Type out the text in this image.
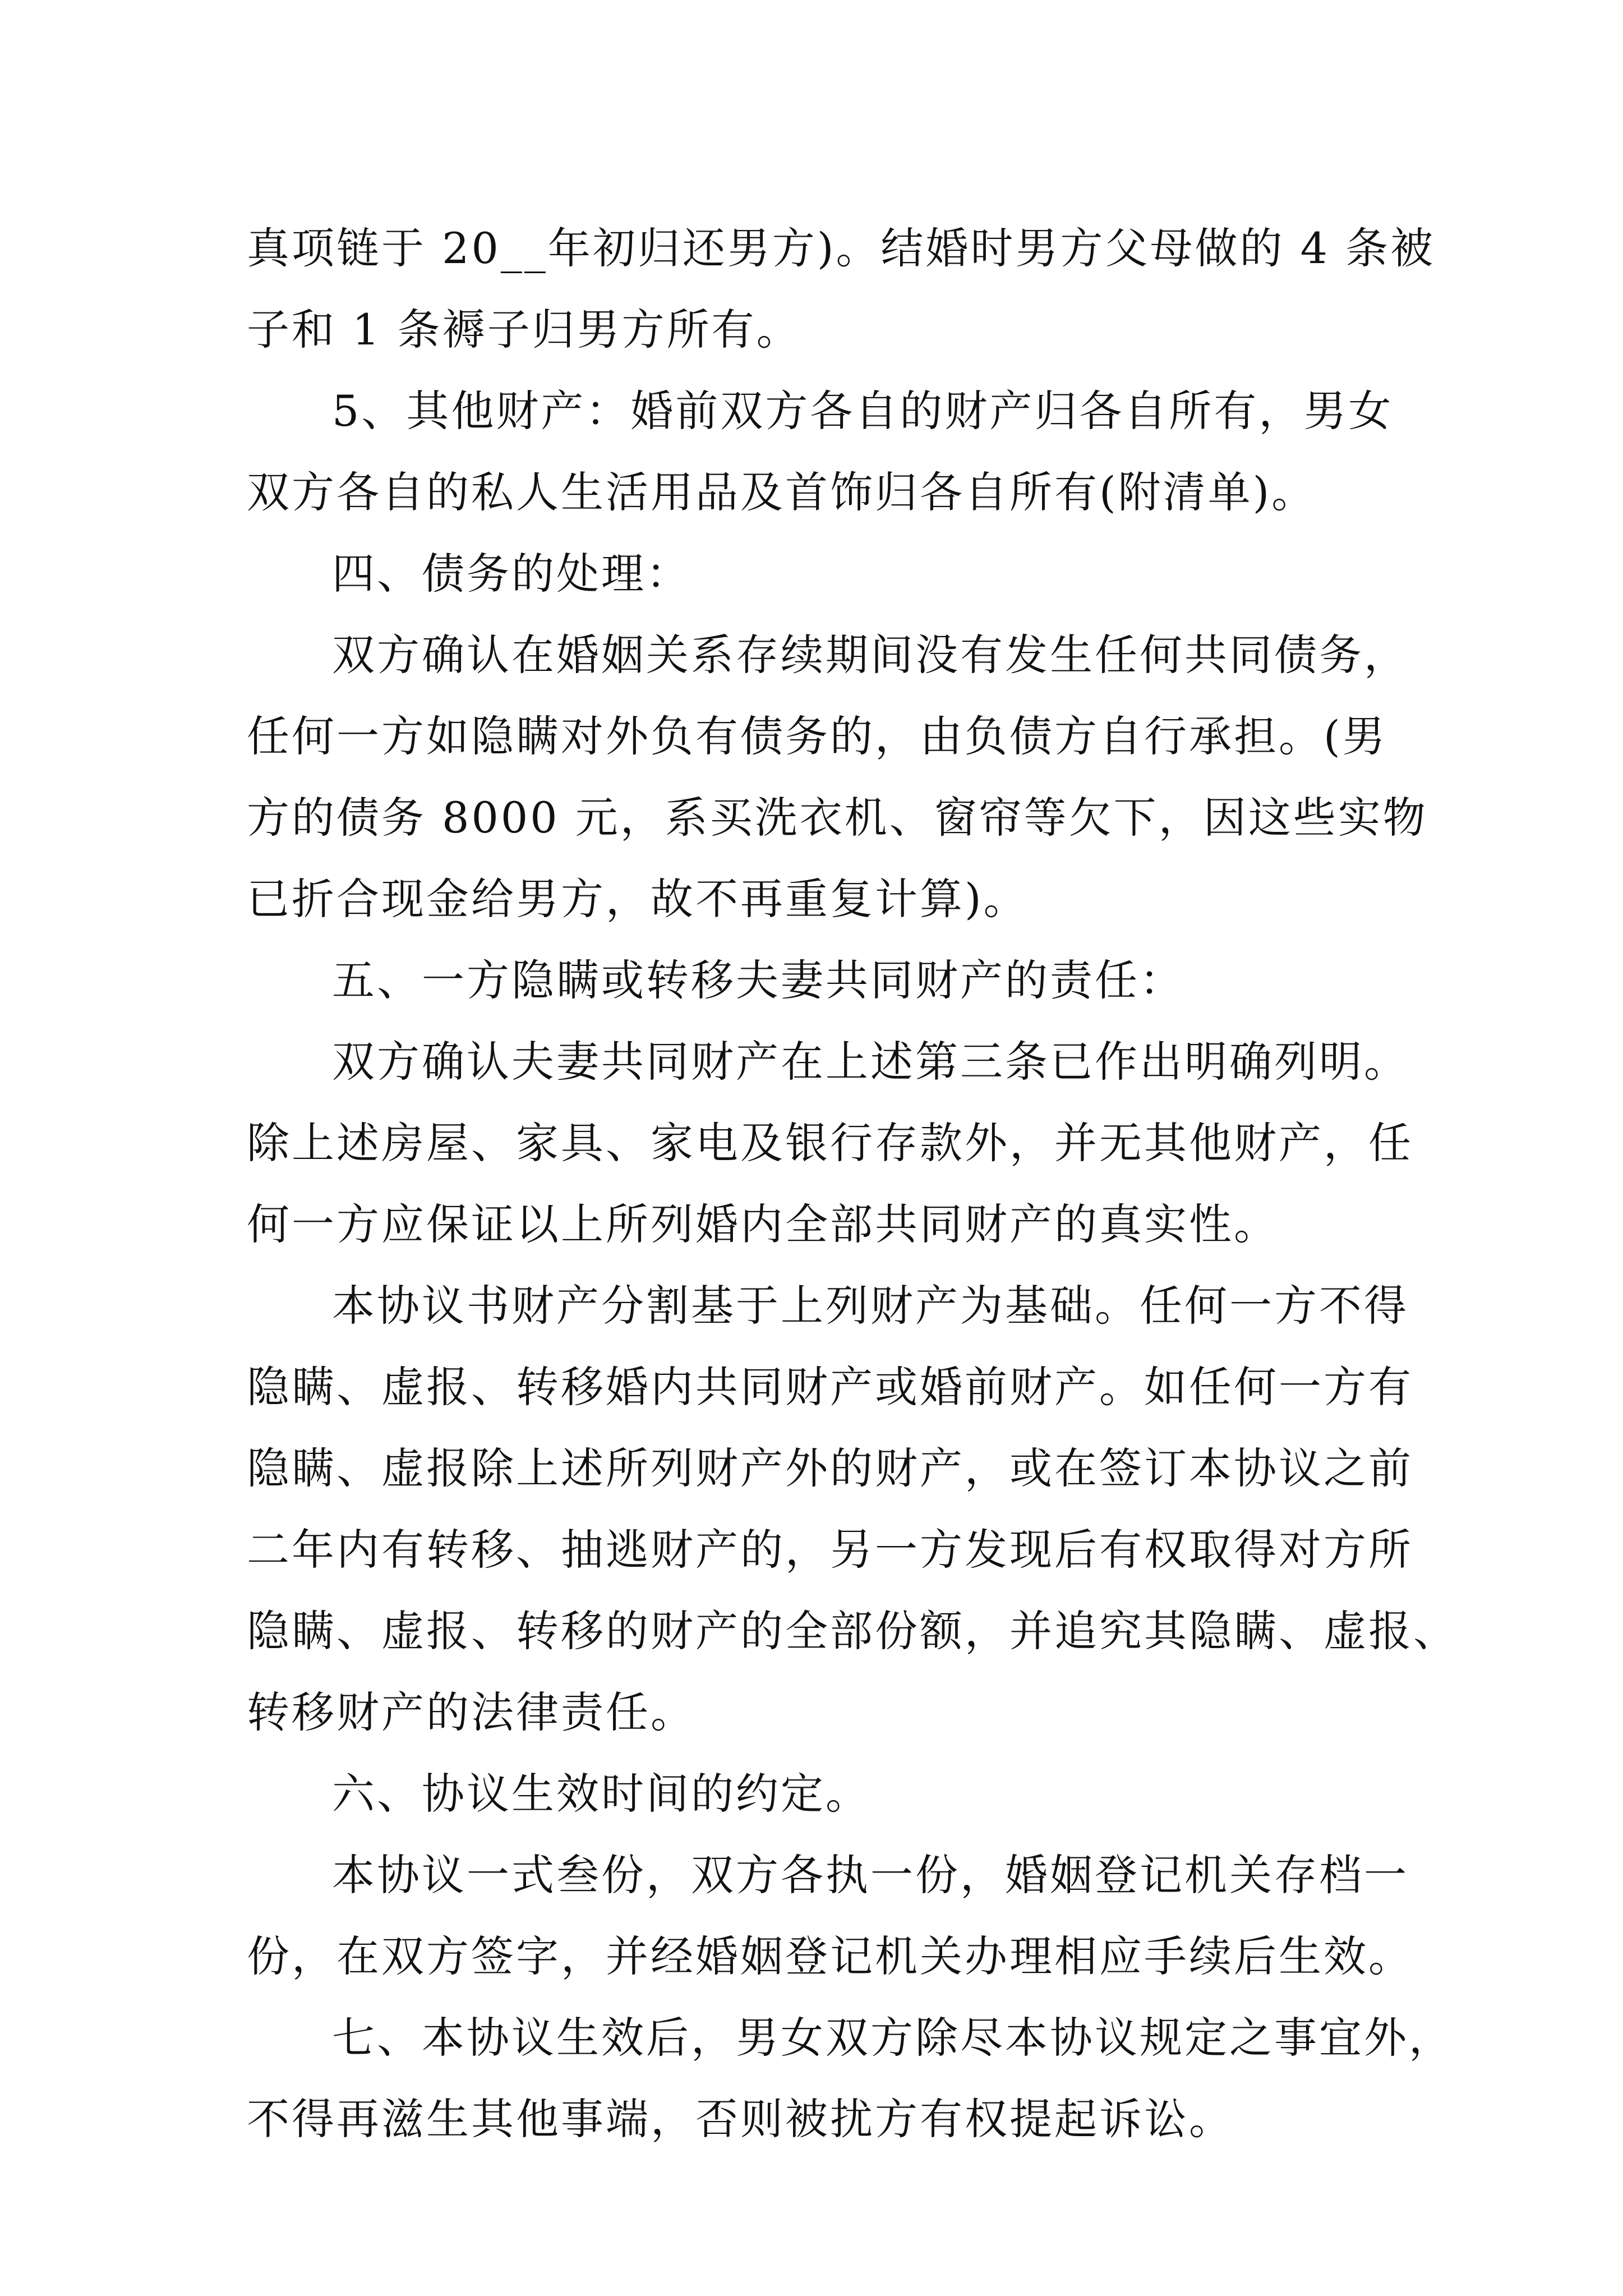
真项链于 20__年初归还男方)。结婚时男方父母做的 4 条被
子和 1 条褥子归男方所有。

5、其他财产：婚前双方各自的财产归各自所有，男女
双方各自的私人生活用品及首饰归各自所有(附清单)。

四、债务的处理：

双方确认在婚姻关系存续期间没有发生任何共同债务，
任何一方如隐瞒对外负有债务的，由负债方自行承担。(男
方的债务 8000 元，系买洗衣机、窗帘等欠下，因这些实物
已折合现金给男方，故不再重复计算)。

五、一方隐瞒或转移夫妻共同财产的责任：

双方确认夫妻共同财产在上述第三条已作出明确列明。
除上述房屋、家具、家电及银行存款外，并无其他财产，任
何一方应保证以上所列婚内全部共同财产的真实性。

本协议书财产分割基于上列财产为基础。任何一方不得
隐瞒、虚报、转移婚内共同财产或婚前财产。如任何一方有
隐瞒、虚报除上述所列财产外的财产，或在签订本协议之前
二年内有转移、抽逃财产的，另一方发现后有权取得对方所
隐瞒、虚报、转移的财产的全部份额，并追究其隐瞒、虚报、
转移财产的法律责任。

六、协议生效时间的约定。

本协议一式叁份，双方各执一份，婚姻登记机关存档一
份，在双方签字，并经婚姻登记机关办理相应手续后生效。

七、本协议生效后，男女双方除尽本协议规定之事宜外，
不得再滋生其他事端，否则被扰方有权提起诉讼。
